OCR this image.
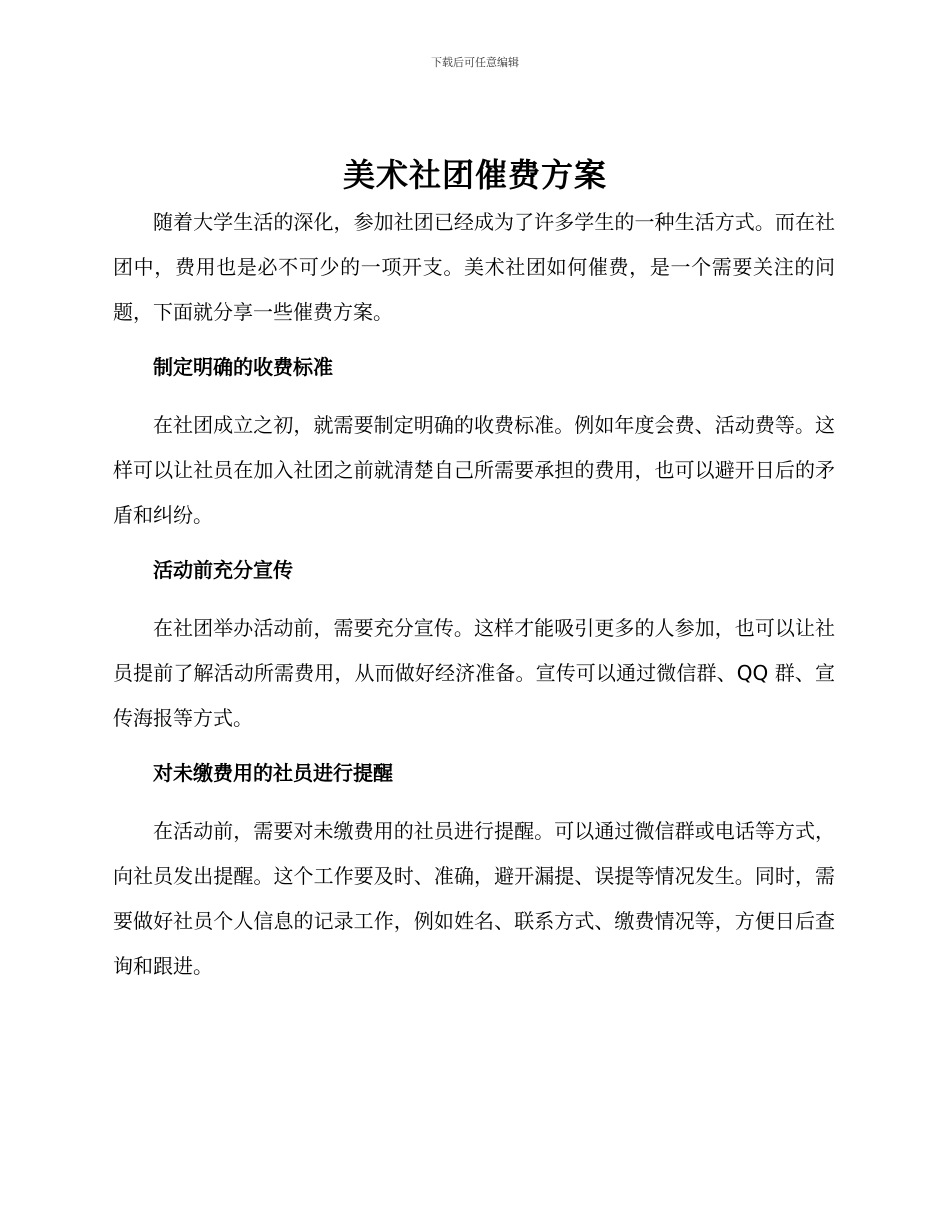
下载后可任意编辑
美术社团催费方案

随着大学生活的深化，参加社团已经成为了许多学生的一种生活方式。而在社团中，费用也是必不可少的一项开支。美术社团如何催费，是一个需要关注的问题，下面就分享一些催费方案。

制定明确的收费标准

在社团成立之初，就需要制定明确的收费标准。例如年度会费、活动费等。这样可以让社员在加入社团之前就清楚自己所需要承担的费用，也可以避开日后的矛盾和纠纷。

活动前充分宣传

在社团举办活动前，需要充分宣传。这样才能吸引更多的人参加，也可以让社员提前了解活动所需费用，从而做好经济准备。宣传可以通过微信群、QQ 群、宣传海报等方式。

对未缴费用的社员进行提醒

在活动前，需要对未缴费用的社员进行提醒。可以通过微信群或电话等方式，向社员发出提醒。这个工作要及时、准确，避开漏提、误提等情况发生。同时，需要做好社员个人信息的记录工作，例如姓名、联系方式、缴费情况等，方便日后查询和跟进。
